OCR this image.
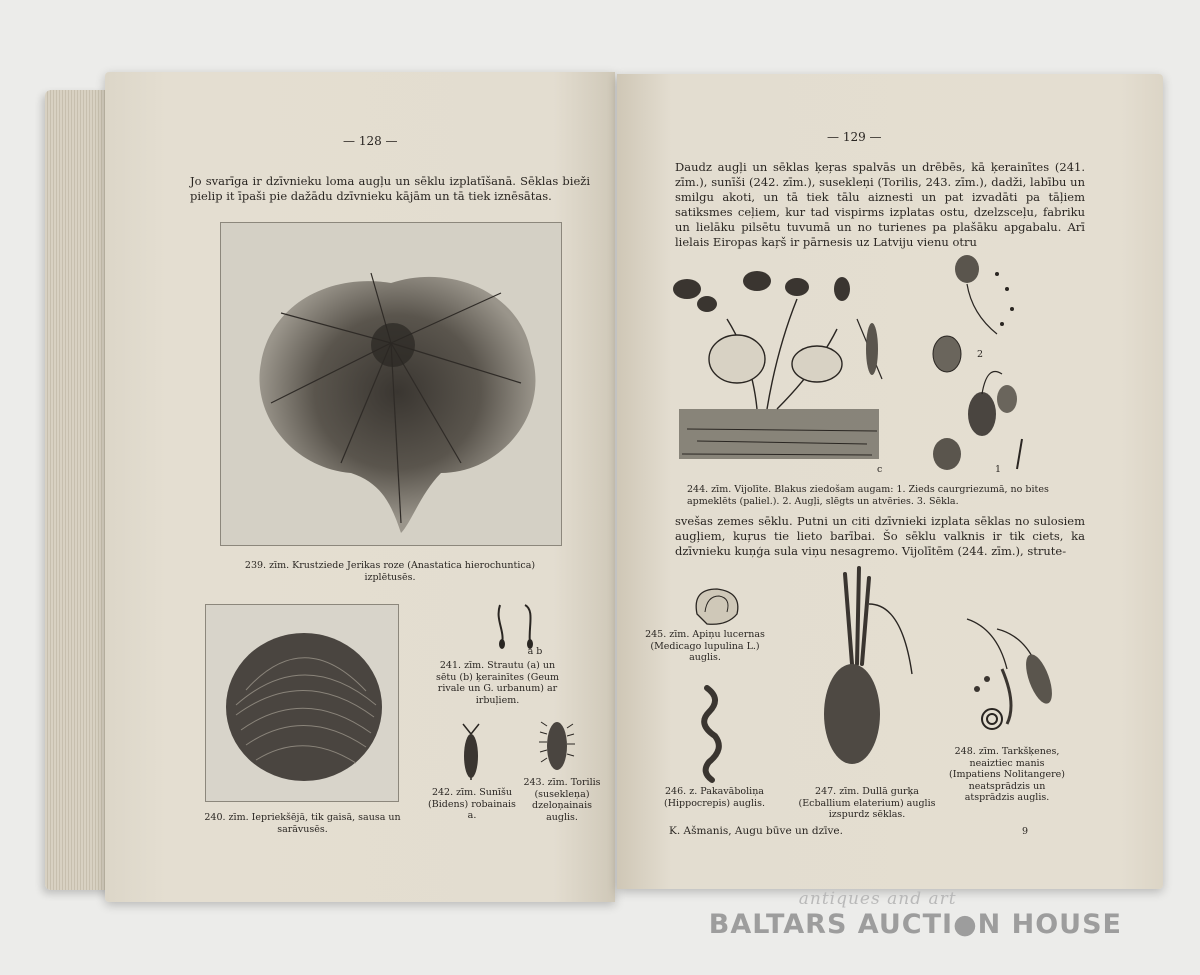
— 128 —
Jo svarīga ir dzīvnieku loma augļu un sēklu izplatīšanā. Sēklas bieži pielip it īpaši pie dažādu dzīvnieku kājām un tā tiek iznēsātas.
239. zīm. Krustziede Jerikas roze (Anastatica hierochuntica) izplētusēs.
240. zīm. Iepriekšējā, tik gaisā, sausa un sarāvusēs.
a b
241. zīm. Strautu (a) un sētu (b) ķerainītes (Geum rivale un G. urbanum) ar irbuļiem.
242. zīm. Sunīšu (Bidens) robainais a.
243. zīm. Torilis (susekleņa) dzeloņainais auglis.
— 129 —
Daudz augļi un sēklas ķeŗas spalvās un drēbēs, kā ķerainītes (241. zīm.), sunīši (242. zīm.), susekleņi (Torilis, 243. zīm.), dadži, labību un smilgu akoti, un tā tiek tālu aiznesti un pat izvadāti pa tāļiem satiksmes ceļiem, kur tad vispirms izplatas ostu, dzelzsceļu, fabriku un lielāku pilsētu tuvumā un no turienes pa plašāku apgabalu. Arī lielais Eiropas kaŗš ir pārnesis uz Latviju vienu otru
2
1
c
244. zīm. Vijolīte. Blakus ziedošam augam: 1. Zieds caurgriezumā, no bites apmeklēts (paliel.). 2. Augļi, slēgts un atvēries. 3. Sēkla.
svešas zemes sēklu. Putni un citi dzīvnieki izplata sēklas no sulosiem augļiem, kuŗus tie lieto barībai. Šo sēklu valknis ir tik ciets, ka dzīvnieku kuņģa sula viņu nesagremo. Vijolītēm (244. zīm.), strute-
245. zīm. Apiņu lucernas (Medicago lupulina L.) auglis.
246. z. Pakavāboliņa (Hippocrepis) auglis.
247. zīm. Dullā gurķa (Ecballium elaterium) auglis izspurdz sēklas.
248. zīm. Tarkšķenes, neaiztiec manis (Impatiens Nolitangere) neatsprādzis un atsprādzis auglis.
K. Ašmanis, Augu būve un dzīve.	9
antiques and art
BALTARS AUCTI●N HOUSE
